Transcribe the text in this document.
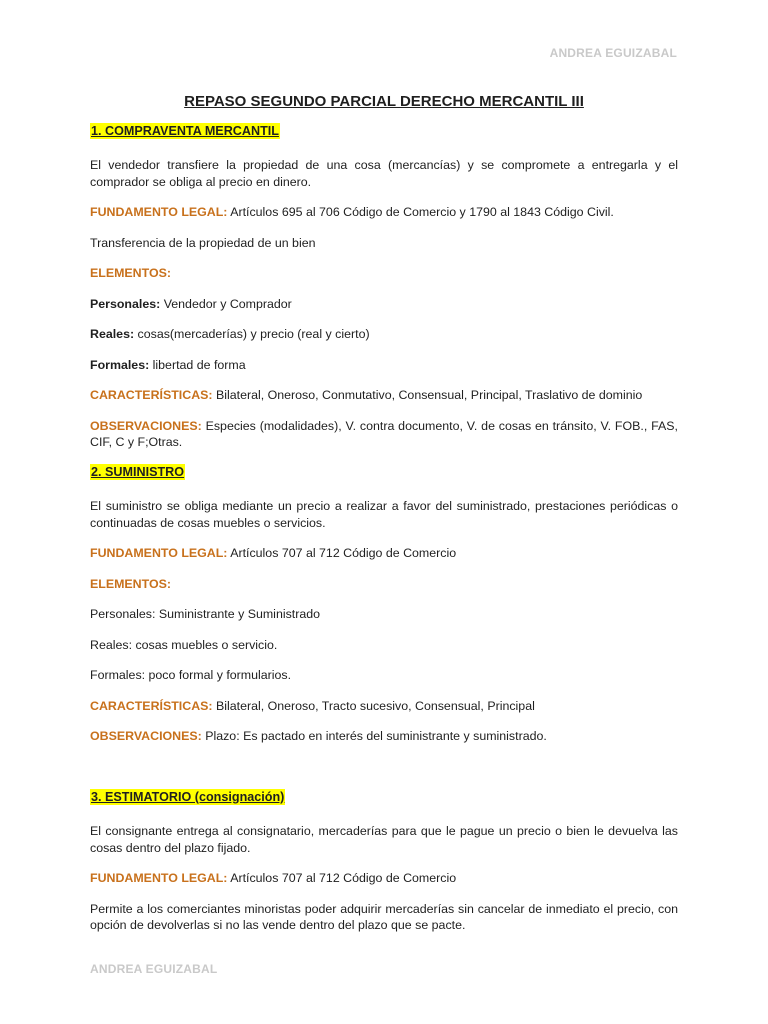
ANDREA EGUIZABAL
REPASO SEGUNDO PARCIAL DERECHO MERCANTIL III
1. COMPRAVENTA MERCANTIL

El vendedor transfiere la propiedad de una cosa (mercancías) y se compromete a entregarla y el comprador se obliga al precio en dinero.

FUNDAMENTO LEGAL: Artículos 695 al 706 Código de Comercio y 1790 al 1843 Código Civil.

Transferencia de la propiedad de un bien

ELEMENTOS:

Personales: Vendedor y Comprador

Reales: cosas(mercaderías) y precio (real y cierto)

Formales: libertad de forma

CARACTERÍSTICAS: Bilateral, Oneroso, Conmutativo, Consensual, Principal, Traslativo de dominio

OBSERVACIONES: Especies (modalidades), V. contra documento, V. de cosas en tránsito, V. FOB., FAS, CIF, C y F;Otras.

2. SUMINISTRO

El suministro se obliga mediante un precio a realizar a favor del suministrado, prestaciones periódicas o continuadas de cosas muebles o servicios.

FUNDAMENTO LEGAL: Artículos 707 al 712 Código de Comercio

ELEMENTOS:

Personales: Suministrante y Suministrado

Reales: cosas muebles o servicio.

Formales: poco formal y formularios.

CARACTERÍSTICAS: Bilateral, Oneroso, Tracto sucesivo, Consensual, Principal

OBSERVACIONES: Plazo: Es pactado en interés del suministrante y suministrado.

3. ESTIMATORIO (consignación)

El consignante entrega al consignatario, mercaderías para que le pague un precio o bien le devuelva las cosas dentro del plazo fijado.

FUNDAMENTO LEGAL: Artículos 707 al 712 Código de Comercio

Permite a los comerciantes minoristas poder adquirir mercaderías sin cancelar de inmediato el precio, con opción de devolverlas si no las vende dentro del plazo que se pacte.

ANDREA EGUIZABAL
